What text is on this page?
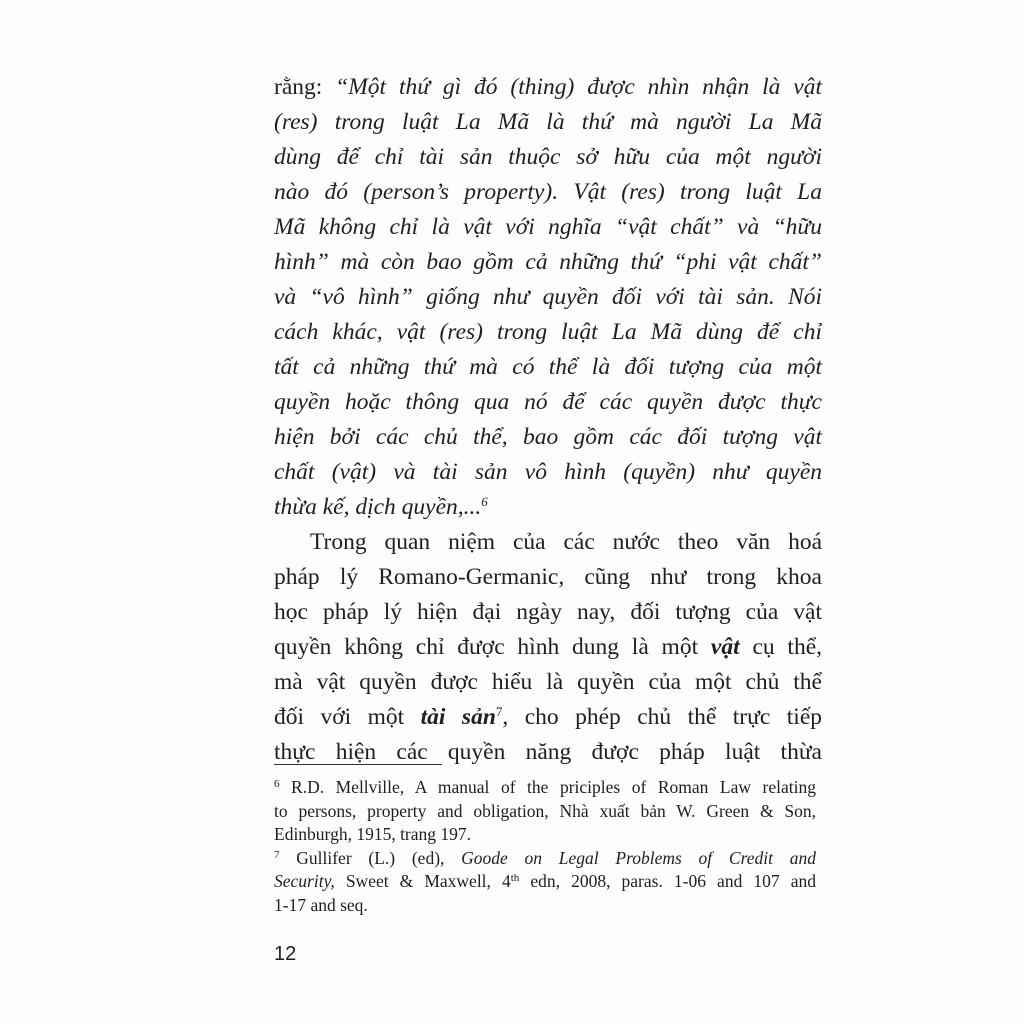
rằng: “Một thứ gì đó (thing) được nhìn nhận là vật
(res) trong luật La Mã là thứ mà người La Mã
dùng để chỉ tài sản thuộc sở hữu của một người
nào đó (person’s property). Vật (res) trong luật La
Mã không chỉ là vật với nghĩa “vật chất” và “hữu
hình” mà còn bao gồm cả những thứ “phi vật chất”
và “vô hình” giống như quyền đối với tài sản. Nói
cách khác, vật (res) trong luật La Mã dùng để chỉ
tất cả những thứ mà có thể là đối tượng của một
quyền hoặc thông qua nó để các quyền được thực
hiện bởi các chủ thể, bao gồm các đối tượng vật
chất (vật) và tài sản vô hình (quyền) như quyền
thừa kế, dịch quyền,...$^6$
Trong quan niệm của các nước theo văn hoá
pháp lý Romano-Germanic, cũng như trong khoa
học pháp lý hiện đại ngày nay, đối tượng của vật
quyền không chỉ được hình dung là một vật cụ thể,
mà vật quyền được hiểu là quyền của một chủ thể
đối với một tài sản$^7$, cho phép chủ thể trực tiếp
thực hiện các quyền năng được pháp luật thừa
$^6$ R.D. Mellville, A manual of the priciples of Roman Law relating
to persons, property and obligation, Nhà xuất bản W. Green & Son,
Edinburgh, 1915, trang 197.
$^7$ Gullifer (L.) (ed), Goode on Legal Problems of Credit and
Security, Sweet & Maxwell, 4th edn, 2008, paras. 1-06 and 107 and
1-17 and seq.
12
